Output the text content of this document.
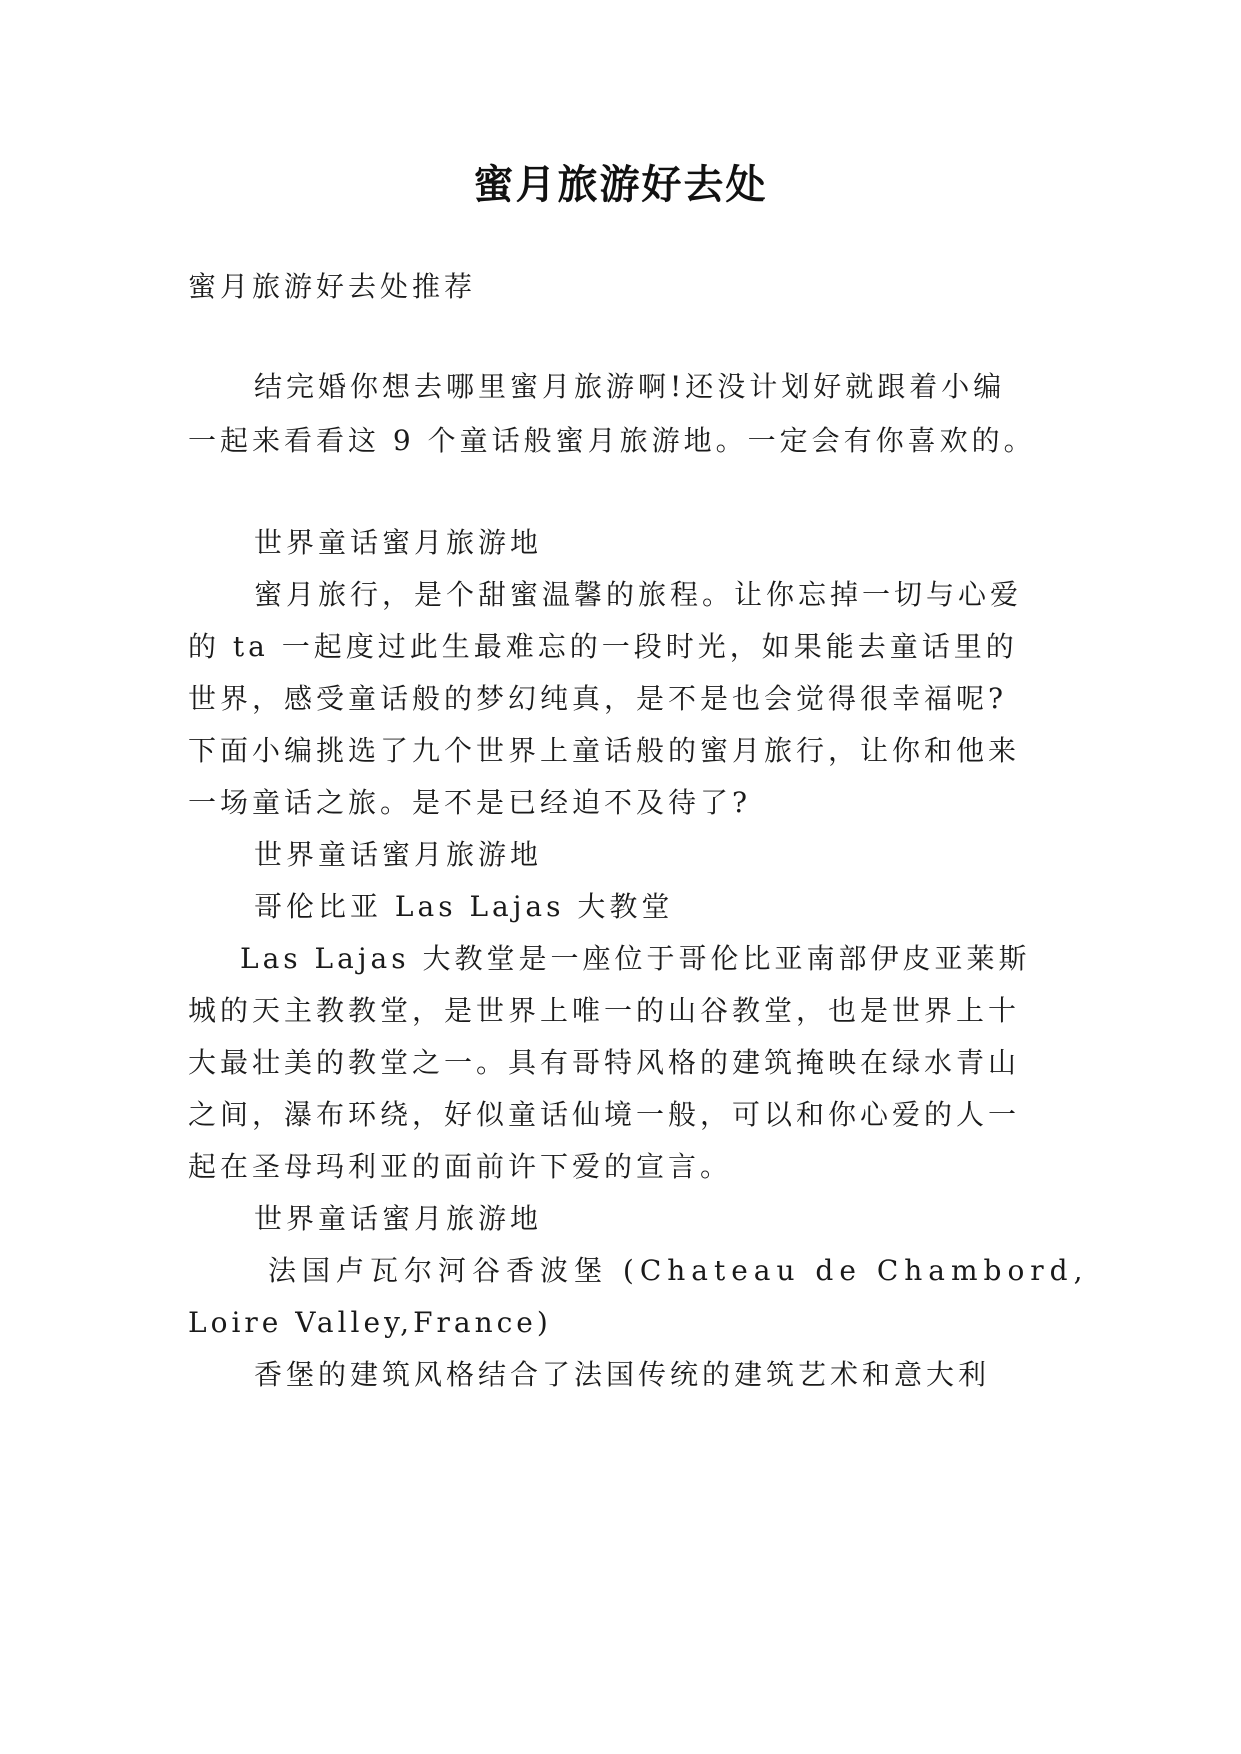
蜜月旅游好去处
蜜月旅游好去处推荐
结完婚你想去哪里蜜月旅游啊!还没计划好就跟着小编
一起来看看这 9 个童话般蜜月旅游地。一定会有你喜欢的。
世界童话蜜月旅游地
蜜月旅行，是个甜蜜温馨的旅程。让你忘掉一切与心爱
的 ta 一起度过此生最难忘的一段时光，如果能去童话里的
世界，感受童话般的梦幻纯真，是不是也会觉得很幸福呢?
下面小编挑选了九个世界上童话般的蜜月旅行，让你和他来
一场童话之旅。是不是已经迫不及待了?
世界童话蜜月旅游地
哥伦比亚 Las Lajas 大教堂
Las Lajas 大教堂是一座位于哥伦比亚南部伊皮亚莱斯
城的天主教教堂，是世界上唯一的山谷教堂，也是世界上十
大最壮美的教堂之一。具有哥特风格的建筑掩映在绿水青山
之间，瀑布环绕，好似童话仙境一般，可以和你心爱的人一
起在圣母玛利亚的面前许下爱的宣言。
世界童话蜜月旅游地
法国卢瓦尔河谷香波堡 (Chateau de Chambord,
Loire Valley,France)
香堡的建筑风格结合了法国传统的建筑艺术和意大利
